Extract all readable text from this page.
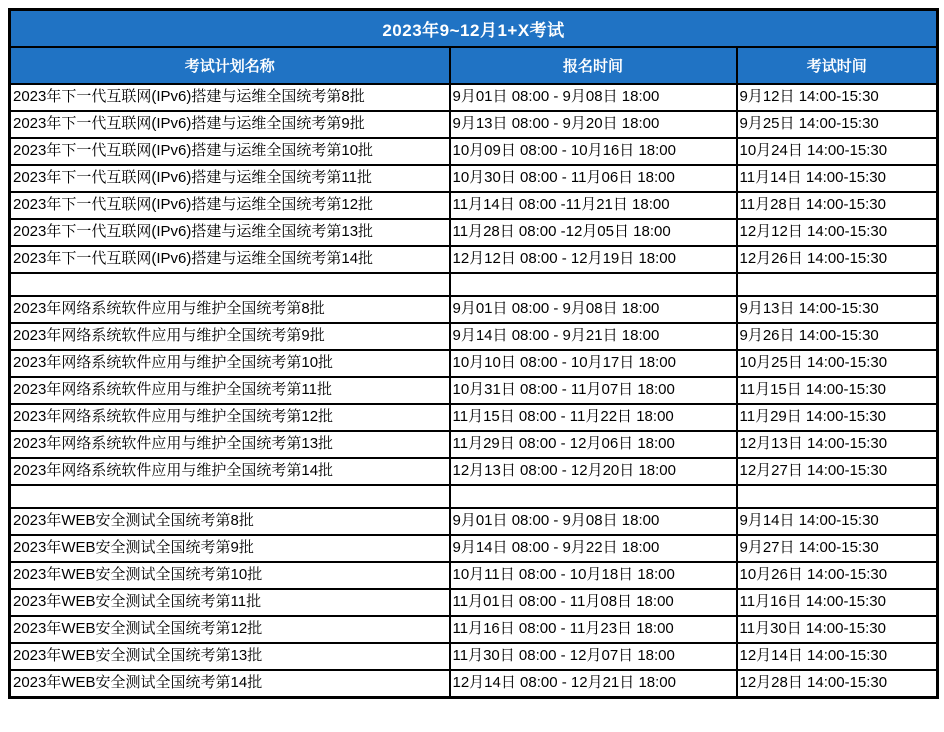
2023年9~12月1+X考试		
考试计划名称	报名时间	考试时间
2023年下一代互联网(IPv6)搭建与运维全国统考第8批	9月01日 08:00 - 9月08日 18:00	9月12日 14:00-15:30
2023年下一代互联网(IPv6)搭建与运维全国统考第9批	9月13日 08:00 - 9月20日 18:00	9月25日 14:00-15:30
2023年下一代互联网(IPv6)搭建与运维全国统考第10批	10月09日 08:00 - 10月16日 18:00	10月24日 14:00-15:30
2023年下一代互联网(IPv6)搭建与运维全国统考第11批	10月30日 08:00 - 11月06日 18:00	11月14日 14:00-15:30
2023年下一代互联网(IPv6)搭建与运维全国统考第12批	11月14日 08:00 -11月21日 18:00	11月28日 14:00-15:30
2023年下一代互联网(IPv6)搭建与运维全国统考第13批	11月28日 08:00 -12月05日 18:00	12月12日 14:00-15:30
2023年下一代互联网(IPv6)搭建与运维全国统考第14批	12月12日 08:00 - 12月19日 18:00	12月26日 14:00-15:30

2023年网络系统软件应用与维护全国统考第8批	9月01日 08:00 - 9月08日 18:00	9月13日 14:00-15:30
2023年网络系统软件应用与维护全国统考第9批	9月14日 08:00 - 9月21日 18:00	9月26日 14:00-15:30
2023年网络系统软件应用与维护全国统考第10批	10月10日 08:00 - 10月17日 18:00	10月25日 14:00-15:30
2023年网络系统软件应用与维护全国统考第11批	10月31日 08:00 - 11月07日 18:00	11月15日 14:00-15:30
2023年网络系统软件应用与维护全国统考第12批	11月15日 08:00 - 11月22日 18:00	11月29日 14:00-15:30
2023年网络系统软件应用与维护全国统考第13批	11月29日 08:00 - 12月06日 18:00	12月13日 14:00-15:30
2023年网络系统软件应用与维护全国统考第14批	12月13日 08:00 - 12月20日 18:00	12月27日 14:00-15:30

2023年WEB安全测试全国统考第8批	9月01日 08:00 - 9月08日 18:00	9月14日 14:00-15:30
2023年WEB安全测试全国统考第9批	9月14日 08:00 - 9月22日 18:00	9月27日 14:00-15:30
2023年WEB安全测试全国统考第10批	10月11日 08:00 - 10月18日 18:00	10月26日 14:00-15:30
2023年WEB安全测试全国统考第11批	11月01日 08:00 - 11月08日 18:00	11月16日 14:00-15:30
2023年WEB安全测试全国统考第12批	11月16日 08:00 - 11月23日 18:00	11月30日 14:00-15:30
2023年WEB安全测试全国统考第13批	11月30日 08:00 - 12月07日 18:00	12月14日 14:00-15:30
2023年WEB安全测试全国统考第14批	12月14日 08:00 - 12月21日 18:00	12月28日 14:00-15:30
